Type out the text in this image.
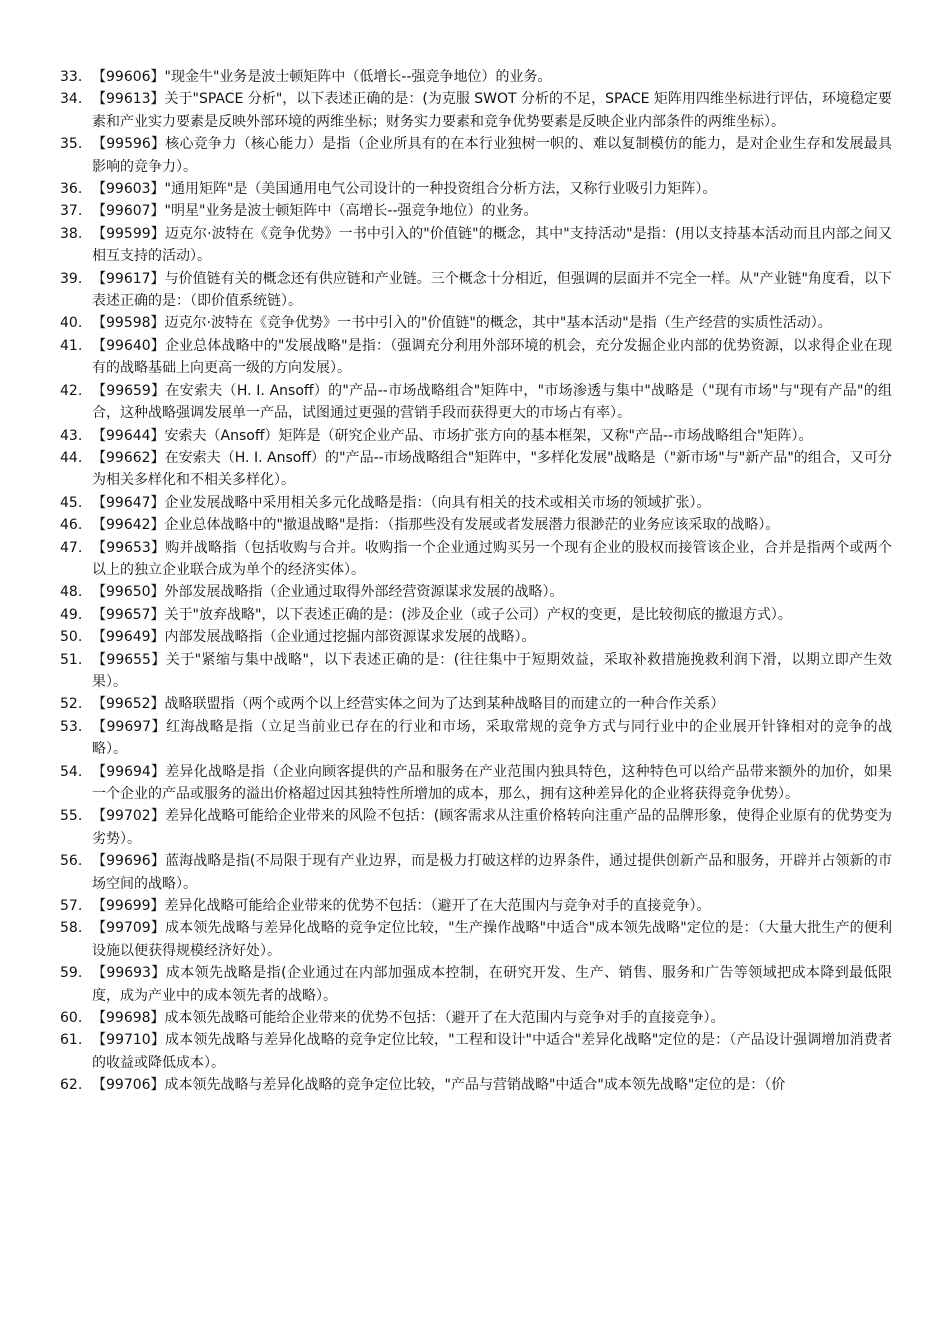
33. 【99606】"现金牛"业务是波士顿矩阵中（低增长--强竞争地位）的业务。
34. 【99613】关于"SPACE 分析"，以下表述正确的是：(为克服 SWOT 分析的不足，SPACE 矩阵用四维坐标进行评估，环境稳定要素和产业实力要素是反映外部环境的两维坐标；财务实力要素和竞争优势要素是反映企业内部条件的两维坐标）。
35. 【99596】核心竞争力（核心能力）是指（企业所具有的在本行业独树一帜的、难以复制模仿的能力，是对企业生存和发展最具影响的竞争力）。
36. 【99603】"通用矩阵"是（美国通用电气公司设计的一种投资组合分析方法，又称行业吸引力矩阵）。
37. 【99607】"明星"业务是波士顿矩阵中（高增长--强竞争地位）的业务。
38. 【99599】迈克尔·波特在《竞争优势》一书中引入的"价值链"的概念，其中"支持活动"是指：(用以支持基本活动而且内部之间又相互支持的活动）。
39. 【99617】与价值链有关的概念还有供应链和产业链。三个概念十分相近，但强调的层面并不完全一样。从"产业链"角度看，以下表述正确的是：（即价值系统链）。
40. 【99598】迈克尔·波特在《竞争优势》一书中引入的"价值链"的概念，其中"基本活动"是指（生产经营的实质性活动）。
41. 【99640】企业总体战略中的"发展战略"是指：（强调充分利用外部环境的机会，充分发掘企业内部的优势资源，以求得企业在现有的战略基础上向更高一级的方向发展）。
42. 【99659】在安索夫（H. I. Ansoff）的"产品--市场战略组合"矩阵中，"市场渗透与集中"战略是（"现有市场"与"现有产品"的组合，这种战略强调发展单一产品，试图通过更强的营销手段而获得更大的市场占有率）。
43. 【99644】安索夫（Ansoff）矩阵是（研究企业产品、市场扩张方向的基本框架，又称"产品--市场战略组合"矩阵）。
44. 【99662】在安索夫（H. I. Ansoff）的"产品--市场战略组合"矩阵中，"多样化发展"战略是（"新市场"与"新产品"的组合，又可分为相关多样化和不相关多样化）。
45. 【99647】企业发展战略中采用相关多元化战略是指：（向具有相关的技术或相关市场的领域扩张）。
46. 【99642】企业总体战略中的"撤退战略"是指：（指那些没有发展或者发展潜力很渺茫的业务应该采取的战略）。
47. 【99653】购并战略指（包括收购与合并。收购指一个企业通过购买另一个现有企业的股权而接管该企业，合并是指两个或两个以上的独立企业联合成为单个的经济实体）。
48. 【99650】外部发展战略指（企业通过取得外部经营资源谋求发展的战略）。
49. 【99657】关于"放弃战略"，以下表述正确的是：(涉及企业（或子公司）产权的变更，是比较彻底的撤退方式）。
50. 【99649】内部发展战略指（企业通过挖掘内部资源谋求发展的战略）。
51. 【99655】关于"紧缩与集中战略"，以下表述正确的是：(往往集中于短期效益，采取补救措施挽救利润下滑，以期立即产生效果）。
52. 【99652】战略联盟指（两个或两个以上经营实体之间为了达到某种战略目的而建立的一种合作关系）
53. 【99697】红海战略是指（立足当前业已存在的行业和市场，采取常规的竞争方式与同行业中的企业展开针锋相对的竞争的战略）。
54. 【99694】差异化战略是指（企业向顾客提供的产品和服务在产业范围内独具特色，这种特色可以给产品带来额外的加价，如果一个企业的产品或服务的溢出价格超过因其独特性所增加的成本，那么，拥有这种差异化的企业将获得竞争优势）。
55. 【99702】差异化战略可能给企业带来的风险不包括：(顾客需求从注重价格转向注重产品的品牌形象，使得企业原有的优势变为劣势）。
56. 【99696】蓝海战略是指(不局限于现有产业边界，而是极力打破这样的边界条件，通过提供创新产品和服务，开辟并占领新的市场空间的战略）。
57. 【99699】差异化战略可能给企业带来的优势不包括：（避开了在大范围内与竞争对手的直接竞争）。
58. 【99709】成本领先战略与差异化战略的竞争定位比较，"生产操作战略"中适合"成本领先战略"定位的是：（大量大批生产的便利设施以便获得规模经济好处）。
59. 【99693】成本领先战略是指(企业通过在内部加强成本控制，在研究开发、生产、销售、服务和广告等领域把成本降到最低限度，成为产业中的成本领先者的战略）。
60. 【99698】成本领先战略可能给企业带来的优势不包括：（避开了在大范围内与竞争对手的直接竞争）。
61. 【99710】成本领先战略与差异化战略的竞争定位比较，"工程和设计"中适合"差异化战略"定位的是：（产品设计强调增加消费者的收益或降低成本）。
62. 【99706】成本领先战略与差异化战略的竞争定位比较，"产品与营销战略"中适合"成本领先战略"定位的是：（价
